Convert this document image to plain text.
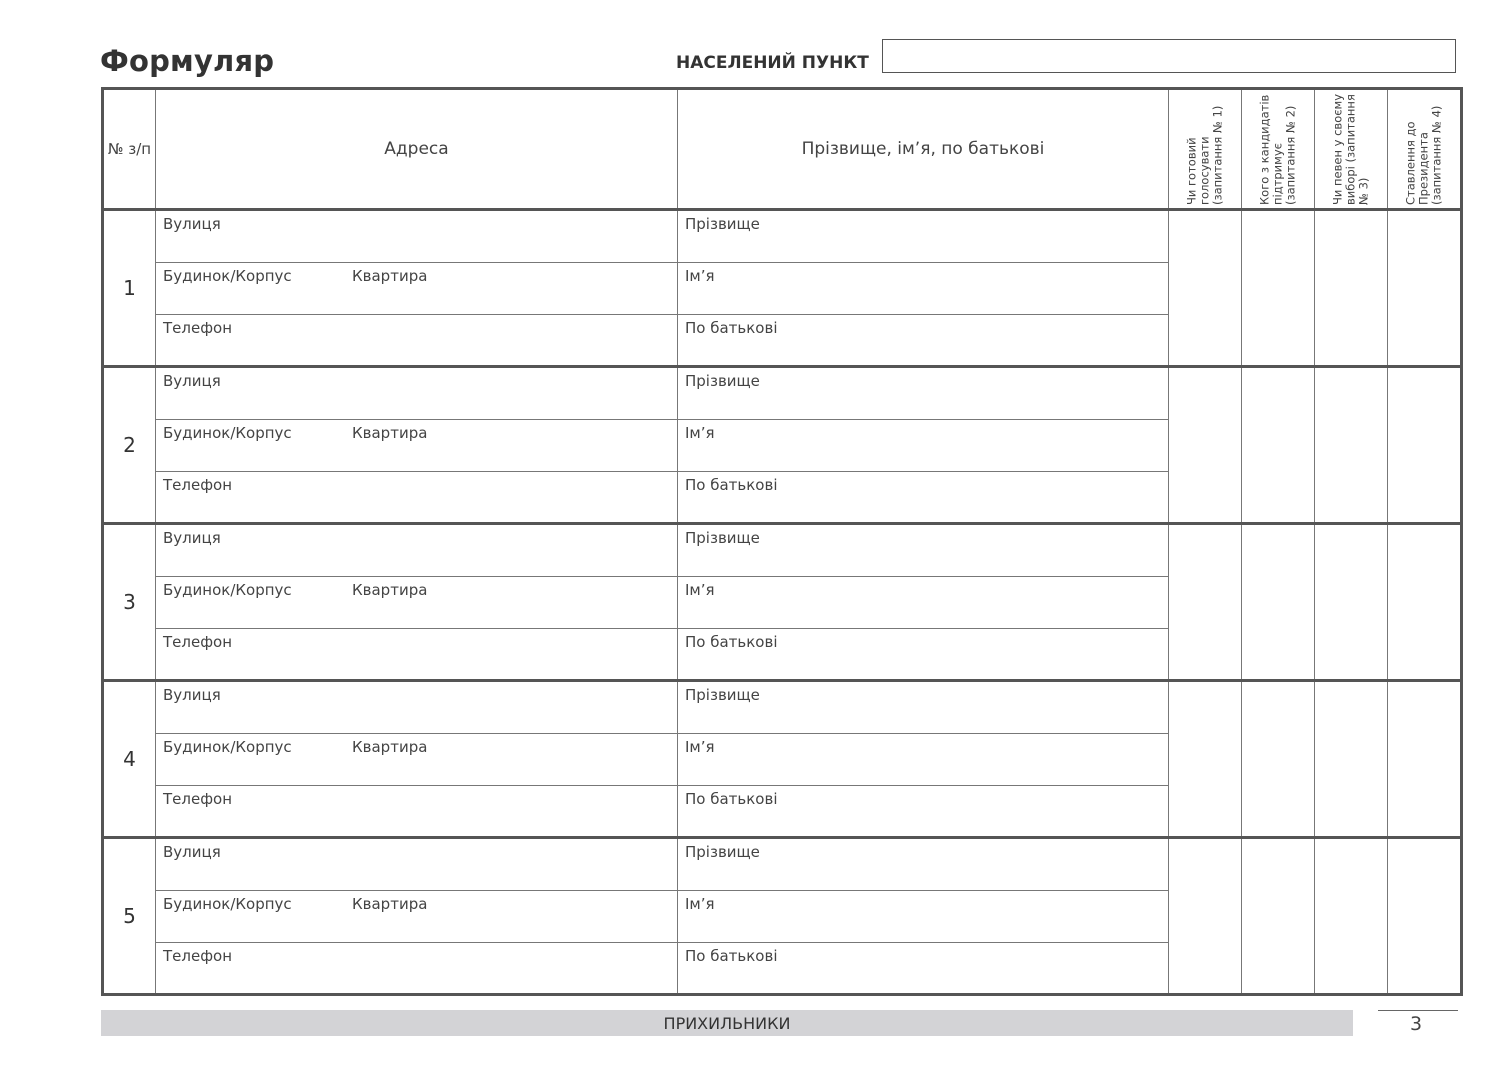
Формуляр	НАСЕЛЕНИЙ ПУНКТ
№ з/п	Адреса	Прізвище, імʼя, по батькові	Чи готовий голосувати (запитання № 1)	Кого з кандидатів підтримує (запитання № 2)	Чи певен у своєму виборі (запитання № 3)	Ставлення до Президента (запитання № 4)

1	Вулиця	Прізвище				
	Будинок/Корпус Квартира	Імʼя				
	Телефон	По батькові				
2	Вулиця	Прізвище				
	Будинок/Корпус Квартира	Імʼя				
	Телефон	По батькові				
3	Вулиця	Прізвище				
	Будинок/Корпус Квартира	Імʼя				
	Телефон	По батькові				
4	Вулиця	Прізвище				
	Будинок/Корпус Квартира	Імʼя				
	Телефон	По батькові				
5	Вулиця	Прізвище				
	Будинок/Корпус Квартира	Імʼя				
	Телефон	По батькові				
ПРИХИЛЬНИКИ	3
